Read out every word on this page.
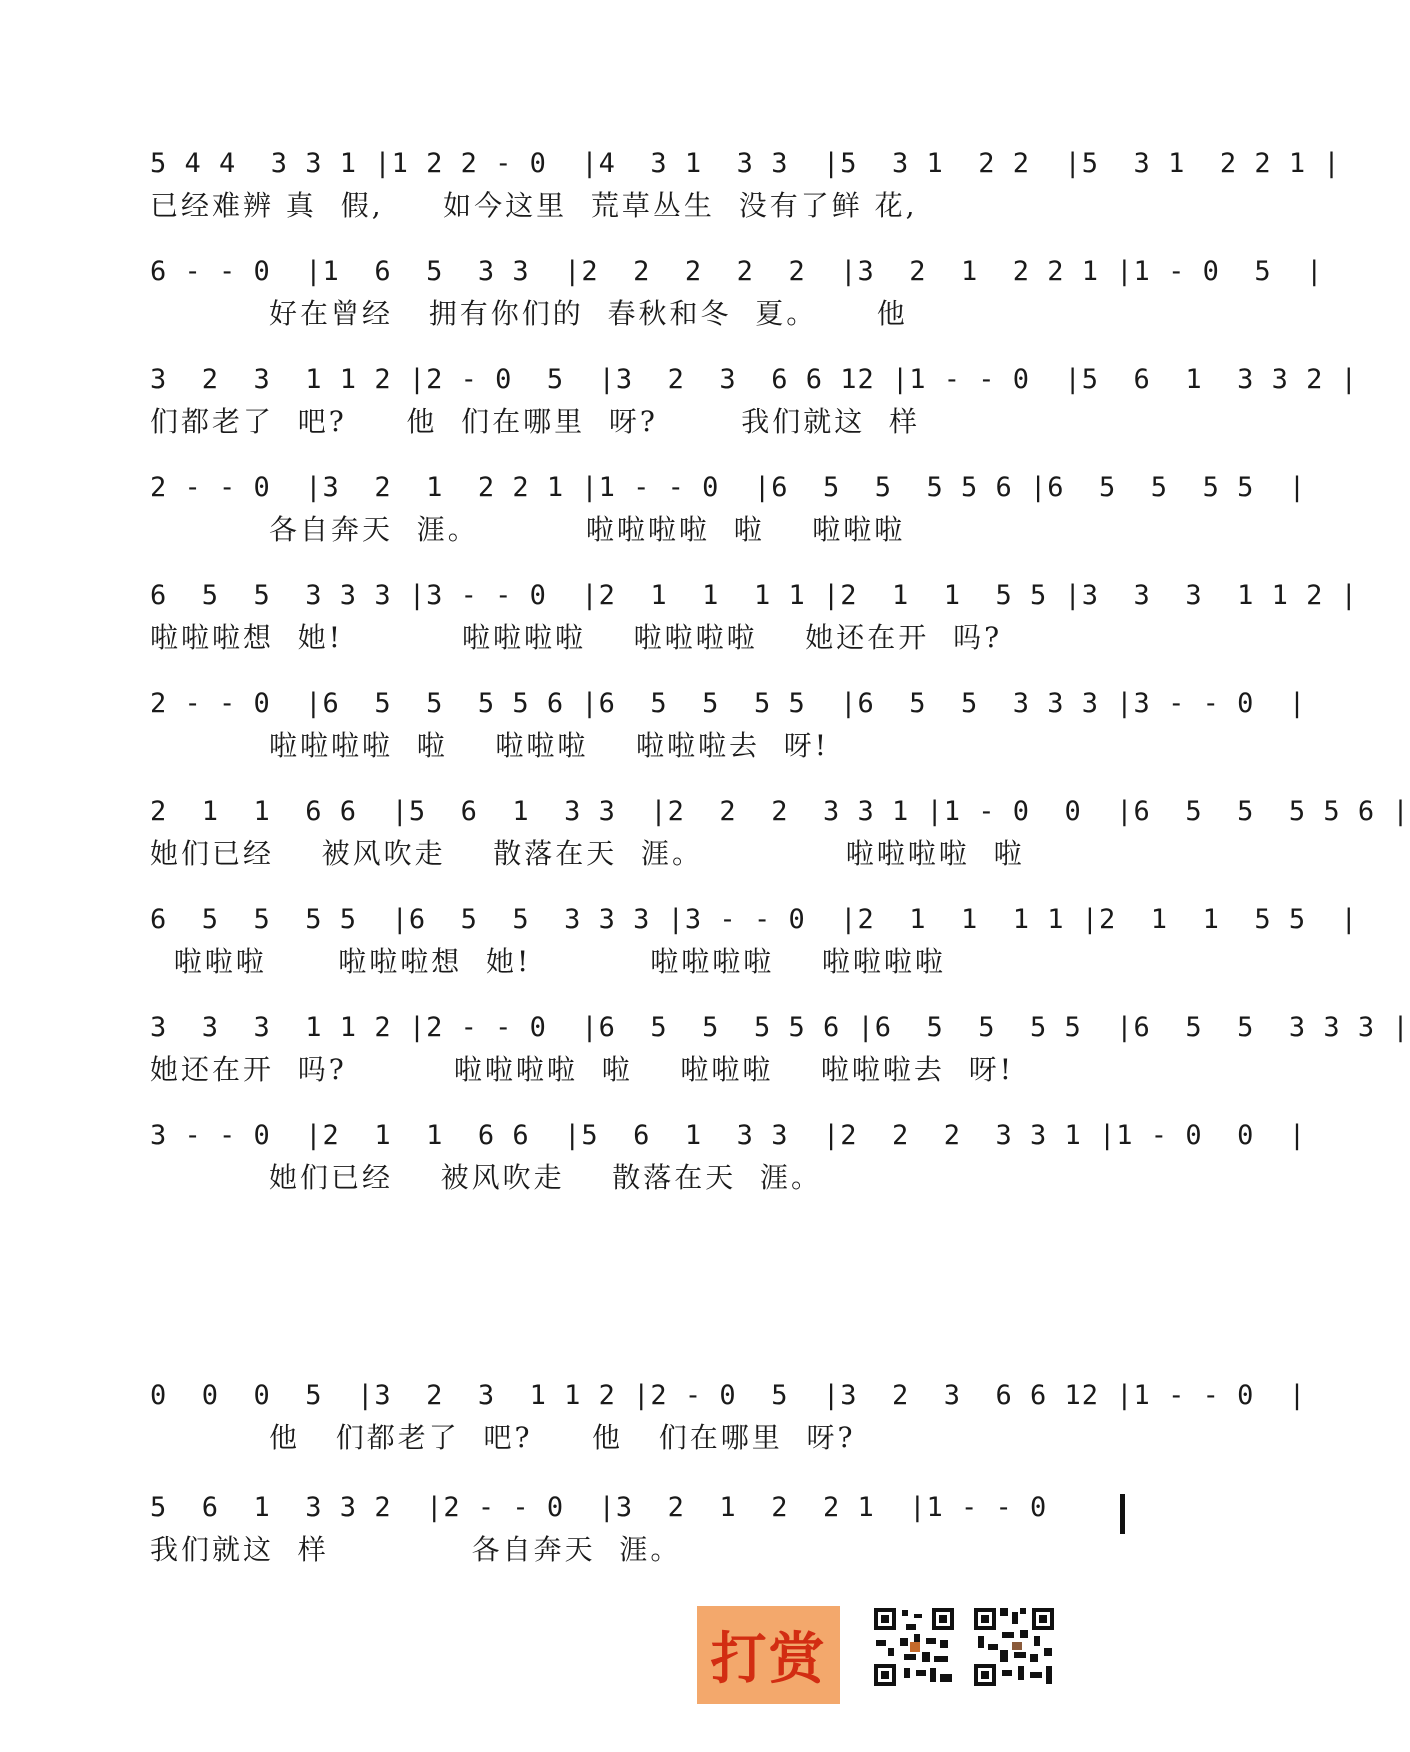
5 4 4  3 3 1 |1 2 2 - 0  |4  3 1  3 3  |5  3 1  2 2  |5  3 1  2 2 1 |
已经难辨 真  假,     如今这里  荒草丛生  没有了鲜 花,
6 - - 0  |1  6  5  3 3  |2  2  2  2  2  |3  2  1  2 2 1 |1 - 0  5  |
好在曾经   拥有你们的  春秋和冬  夏。     他
3  2  3  1 1 2 |2 - 0  5  |3  2  3  6 6 12 |1 - - 0  |5  6  1  3 3 2 |
们都老了  吧?     他  们在哪里  呀?       我们就这  样
2 - - 0  |3  2  1  2 2 1 |1 - - 0  |6  5  5  5 5 6 |6  5  5  5 5  |
各自奔天  涯。         啦啦啦啦  啦    啦啦啦
6  5  5  3 3 3 |3 - - 0  |2  1  1  1 1 |2  1  1  5 5 |3  3  3  1 1 2 |
啦啦啦想  她!          啦啦啦啦    啦啦啦啦    她还在开  吗?
2 - - 0  |6  5  5  5 5 6 |6  5  5  5 5  |6  5  5  3 3 3 |3 - - 0  |
啦啦啦啦  啦    啦啦啦    啦啦啦去  呀!
2  1  1  6 6  |5  6  1  3 3  |2  2  2  3 3 1 |1 - 0  0  |6  5  5  5 5 6 |
她们已经    被风吹走    散落在天  涯。            啦啦啦啦  啦
6  5  5  5 5  |6  5  5  3 3 3 |3 - - 0  |2  1  1  1 1 |2  1  1  5 5  |
啦啦啦      啦啦啦想  她!          啦啦啦啦    啦啦啦啦
3  3  3  1 1 2 |2 - - 0  |6  5  5  5 5 6 |6  5  5  5 5  |6  5  5  3 3 3 |
她还在开  吗?         啦啦啦啦  啦    啦啦啦    啦啦啦去  呀!
3 - - 0  |2  1  1  6 6  |5  6  1  3 3  |2  2  2  3 3 1 |1 - 0  0  |
她们已经    被风吹走    散落在天  涯。
0  0  0  5  |3  2  3  1 1 2 |2 - 0  5  |3  2  3  6 6 12 |1 - - 0  |
他   们都老了  吧?     他   们在哪里  呀?
5  6  1  3 3 2  |2 - - 0  |3  2  1  2  2 1  |1 - - 0
我们就这  样            各自奔天  涯。
打赏
